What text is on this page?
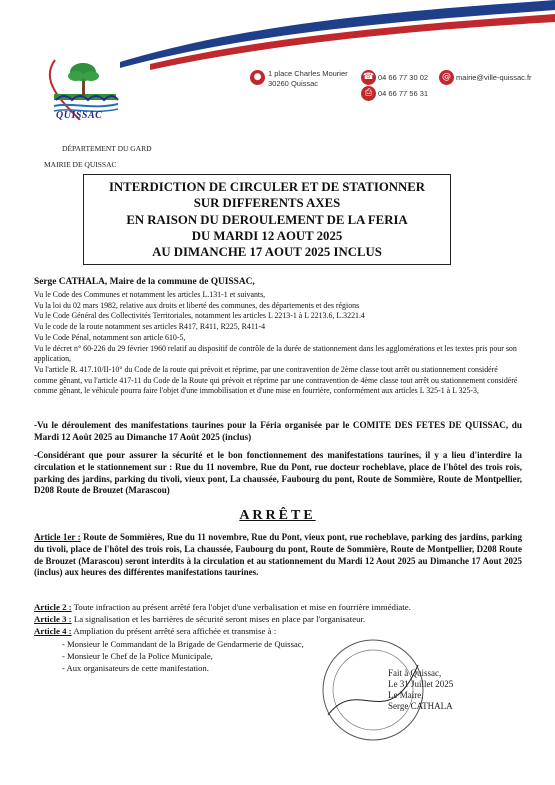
QUISSAC
● 1 place Charles Mourier
30260 Quissac
☎ 04 66 77 30 02
⎙ 04 66 77 56 31
@ mairie@ville-quissac.fr
DÉPARTEMENT DU GARD
MAIRIE DE QUISSAC
INTERDICTION DE CIRCULER ET DE STATIONNER
SUR DIFFERENTS AXES
EN RAISON DU DEROULEMENT DE LA FERIA
DU MARDI 12 AOUT 2025
AU DIMANCHE 17 AOUT 2025 INCLUS
Serge CATHALA, Maire de la commune de QUISSAC,
Vu le Code des Communes et notamment les articles L.131-1 et suivants,
Vu la loi du 02 mars 1982, relative aux droits et liberté des communes, des départements et des régions
Vu le Code Général des Collectivités Territoriales, notamment les articles L 2213-1 à L 2213.6, L.3221.4
Vu le code de la route notamment ses articles R417, R411, R225, R411-4
Vu le Code Pénal, notamment son article 610-5,
Vu le décret n° 60-226 du 29 février 1960 relatif au dispositif de contrôle de la durée de stationnement dans les agglomérations et les textes pris pour son application,
Vu l'article R. 417.10/II-10° du Code de la route qui prévoit et réprime, par une contravention de 2ème classe tout arrêt ou stationnement considéré comme gênant, vu l'article 417-11 du Code de la Route qui prévoit et réprime par une contravention de 4ème classe tout arrêt ou stationnement considéré comme gênant, le véhicule pourra faire l'objet d'une immobilisation et d'une mise en fourrière, conformément aux articles L 325-1 à L 325-3,
-Vu le déroulement des manifestations taurines pour la Féria organisée par le COMITE DES FETES DE QUISSAC, du Mardi 12 Août 2025 au Dimanche 17 Août 2025 (inclus)
-Considérant que pour assurer la sécurité et le bon fonctionnement des manifestations taurines, il y a lieu d'interdire la circulation et le stationnement sur : Rue du 11 novembre, Rue du Pont, rue docteur rocheblave, place de l'hôtel des trois rois, parking des jardins, parking du tivoli, vieux pont, La chaussée, Faubourg du pont, Route de Sommière, Route de Montpellier, D208 Route de Brouzet (Marascou)
ARRÊTE
Article 1er : Route de Sommières, Rue du 11 novembre, Rue du Pont, vieux pont, rue rocheblave, parking des jardins, parking du tivoli, place de l'hôtel des trois rois, La chaussée, Faubourg du pont, Route de Sommière, Route de Montpellier, D208 Route de Brouzet (Marascou) seront interdits à la circulation et au stationnement du Mardi 12 Aout 2025 au Dimanche 17 Aout 2025 (inclus) aux heures des différentes manifestations taurines.
Article 2 : Toute infraction au présent arrêté fera l'objet d'une verbalisation et mise en fourrière immédiate.
Article 3 : La signalisation et les barrières de sécurité seront mises en place par l'organisateur.
Article 4 : Ampliation du présent arrêté sera affichée et transmise à :
- Monsieur le Commandant de la Brigade de Gendarmerie de Quissac,
- Monsieur le Chef de la Police Municipale,
- Aux organisateurs de cette manifestation.	Fait à Quissac,
Le 31 Juillet 2025
Le Maire,
Serge CATHALA
